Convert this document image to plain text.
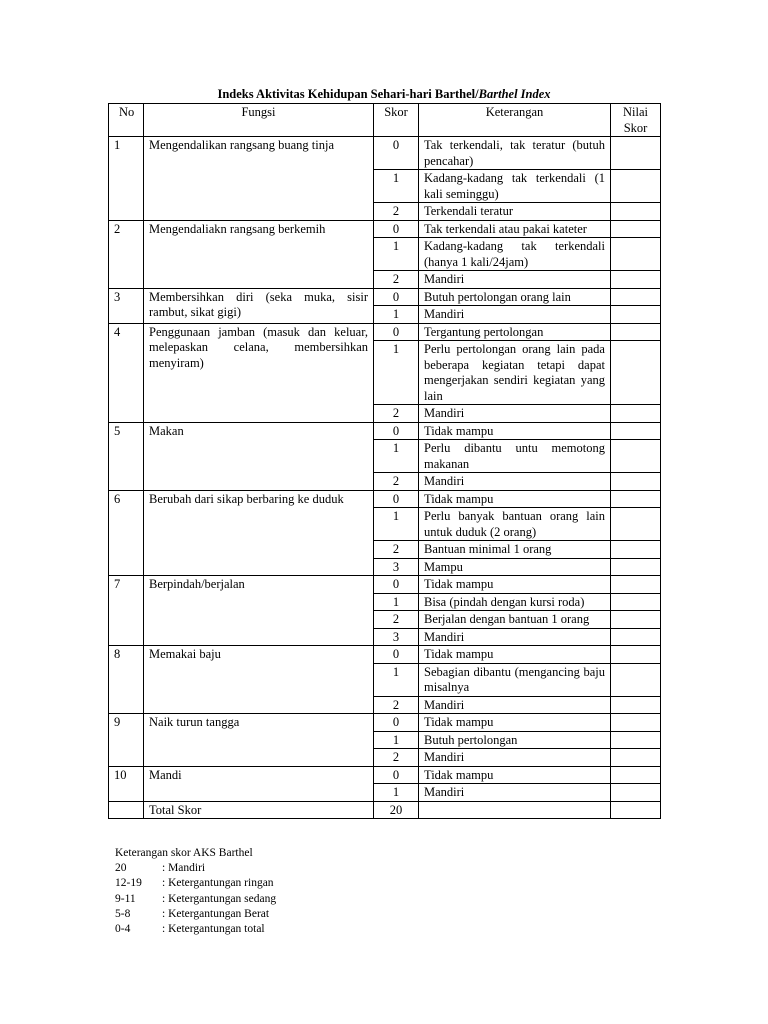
Indeks Aktivitas Kehidupan Sehari-hari Barthel/Barthel Index
No	Fungsi	Skor	Keterangan	Nilai Skor
1	Mengendalikan rangsang buang tinja	0	Tak terkendali, tak teratur (butuh pencahar)	
		1	Kadang-kadang tak terkendali (1 kali seminggu)	
		2	Terkendali teratur	
2	Mengendaliakn rangsang berkemih	0	Tak terkendali atau pakai kateter	
		1	Kadang-kadang tak terkendali (hanya 1 kali/24jam)	
		2	Mandiri	
3	Membersihkan diri (seka muka, sisir rambut, sikat gigi)	0	Butuh pertolongan orang lain	
		1	Mandiri	
4	Penggunaan jamban (masuk dan keluar, melepaskan celana, membersihkan menyiram)	0	Tergantung pertolongan	
		1	Perlu pertolongan orang lain pada beberapa kegiatan tetapi dapat mengerjakan sendiri kegiatan yang lain	
		2	Mandiri	
5	Makan	0	Tidak mampu	
		1	Perlu dibantu untu memotong makanan	
		2	Mandiri	
6	Berubah dari sikap berbaring ke duduk	0	Tidak mampu	
		1	Perlu banyak bantuan orang lain untuk duduk (2 orang)	
		2	Bantuan minimal 1 orang	
		3	Mampu	
7	Berpindah/berjalan	0	Tidak mampu	
		1	Bisa (pindah dengan kursi roda)	
		2	Berjalan dengan bantuan 1 orang	
		3	Mandiri	
8	Memakai baju	0	Tidak mampu	
		1	Sebagian dibantu (mengancing baju misalnya	
		2	Mandiri	
9	Naik turun tangga	0	Tidak mampu	
		1	Butuh pertolongan	
		2	Mandiri	
10	Mandi	0	Tidak mampu	
		1	Mandiri	
	Total Skor	20		
Keterangan skor AKS Barthel
20	: Mandiri
12-19	: Ketergantungan ringan
9-11	: Ketergantungan sedang
5-8	: Ketergantungan Berat
0-4	: Ketergantungan total
